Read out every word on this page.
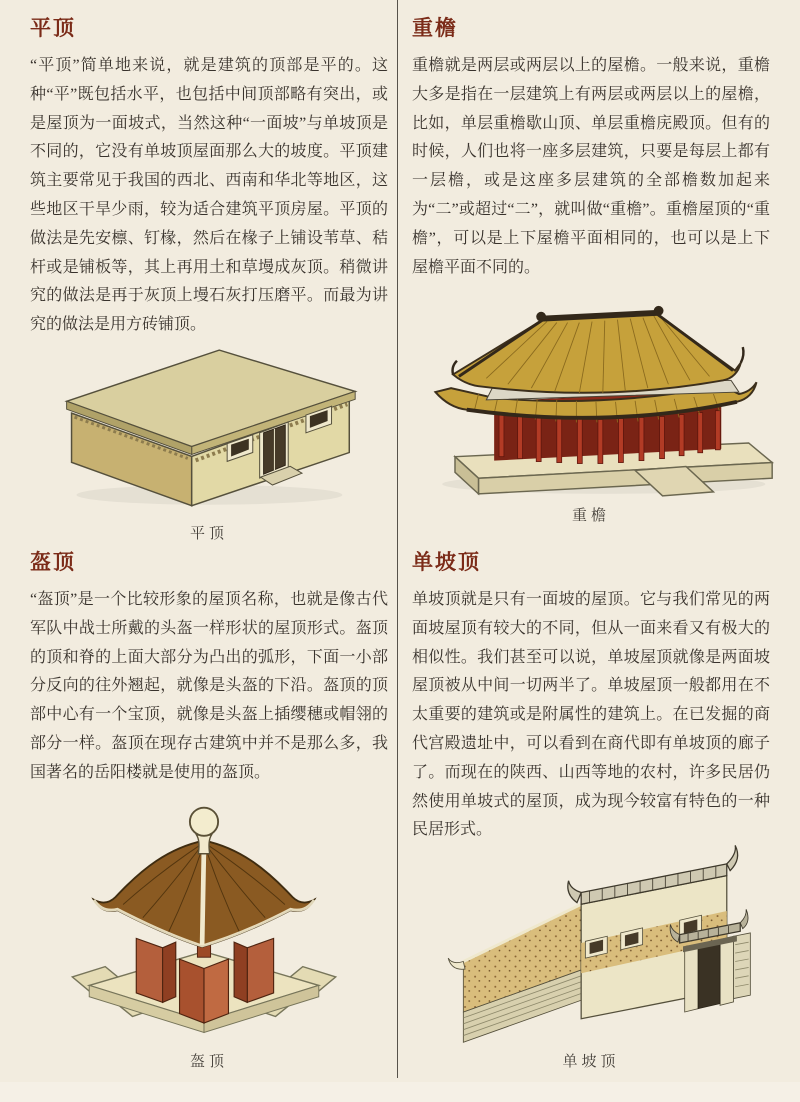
平顶

“平顶”简单地来说，就是建筑的顶部是平的。这种“平”既包括水平，也包括中间顶部略有突出，或是屋顶为一面坡式，当然这种“一面坡”与单坡顶是不同的，它没有单坡顶屋面那么大的坡度。平顶建筑主要常见于我国的西北、西南和华北等地区，这些地区干旱少雨，较为适合建筑平顶房屋。平顶的做法是先安檩、钉椽，然后在椽子上铺设苇草、秸杆或是铺板等，其上再用土和草墁成灰顶。稍微讲究的做法是再于灰顶上墁石灰打压磨平。而最为讲究的做法是用方砖铺顶。

平顶
重檐

重檐就是两层或两层以上的屋檐。一般来说，重檐大多是指在一层建筑上有两层或两层以上的屋檐，比如，单层重檐歇山顶、单层重檐庑殿顶。但有的时候，人们也将一座多层建筑，只要是每层上都有一层檐，或是这座多层建筑的全部檐数加起来为“二”或超过“二”，就叫做“重檐”。重檐屋顶的“重檐”，可以是上下屋檐平面相同的，也可以是上下屋檐平面不同的。

重檐
盔顶

“盔顶”是一个比较形象的屋顶名称，也就是像古代军队中战士所戴的头盔一样形状的屋顶形式。盔顶的顶和脊的上面大部分为凸出的弧形，下面一小部分反向的往外翘起，就像是头盔的下沿。盔顶的顶部中心有一个宝顶，就像是头盔上插缨穗或帽翎的部分一样。盔顶在现存古建筑中并不是那么多，我国著名的岳阳楼就是使用的盔顶。

盔顶
单坡顶

单坡顶就是只有一面坡的屋顶。它与我们常见的两面坡屋顶有较大的不同，但从一面来看又有极大的相似性。我们甚至可以说，单坡屋顶就像是两面坡屋顶被从中间一切两半了。单坡屋顶一般都用在不太重要的建筑或是附属性的建筑上。在已发掘的商代宫殿遗址中，可以看到在商代即有单坡顶的廊子了。而现在的陕西、山西等地的农村，许多民居仍然使用单坡式的屋顶，成为现今较富有特色的一种民居形式。

单坡顶
